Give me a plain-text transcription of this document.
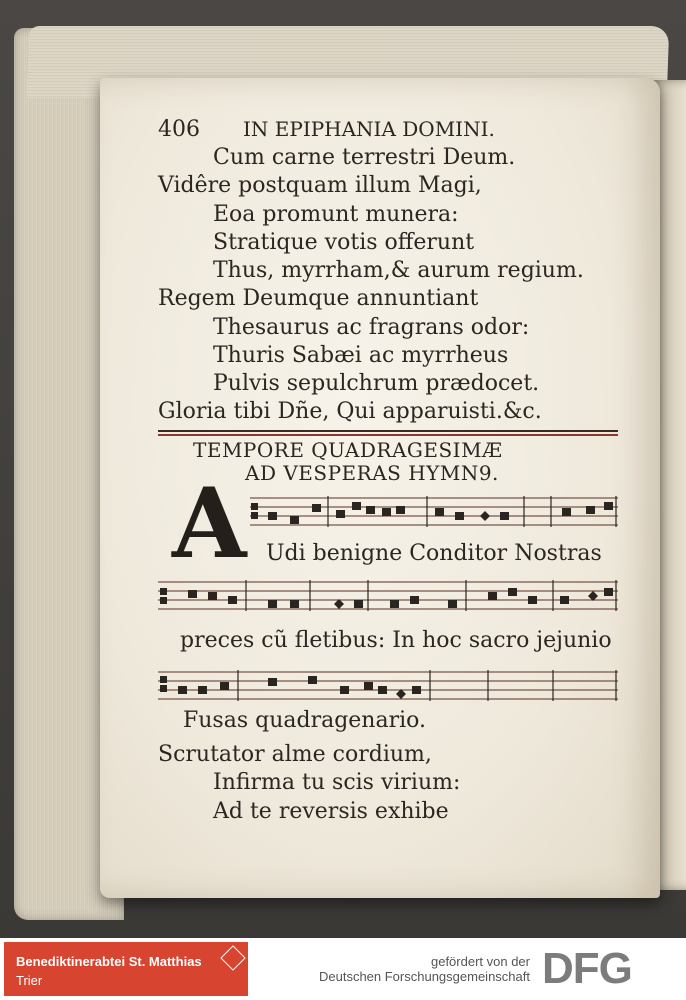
406 IN EPIPHANIA DOMINI.
Cum carne terrestri Deum.
Vidêre postquam illum Magi,
Eoa promunt munera:
Stratique votis offerunt
Thus, myrrham,& aurum regium.
Regem Deumque annuntiant
Thesaurus ac fragrans odor:
Thuris Sabæi ac myrrheus
Pulvis sepulchrum prædocet.
Gloria tibi Dñe, Qui apparuisti.&c.
TEMPORE QUADRAGESIMÆ
AD VESPERAS HYMN9.
A Udi benigne Conditor Nostras
preces cũ fletibus: In hoc sacro jejunio
Fusas quadragenario.
Scrutator alme cordium,
Infirma tu scis virium:
Ad te reversis exhibe
Benediktinerabtei St. Matthias
Trier
gefördert von der
Deutschen Forschungsgemeinschaft DFG
